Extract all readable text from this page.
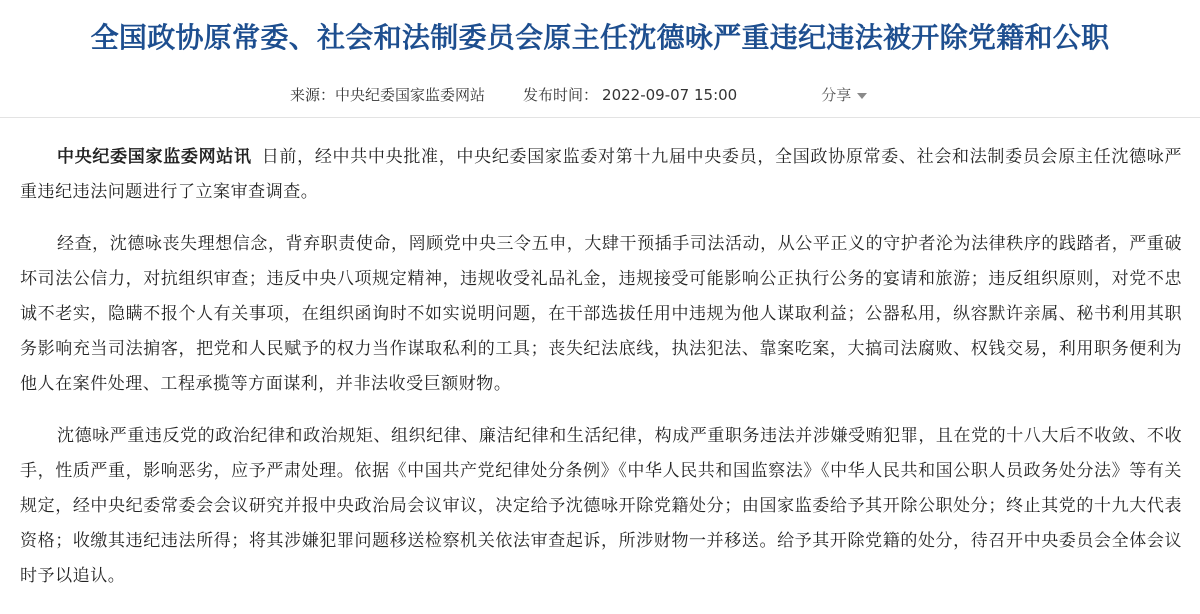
全国政协原常委、社会和法制委员会原主任沈德咏严重违纪违法被开除党籍和公职
来源：中央纪委国家监委网站	发布时间： 2022-09-07 15:00	分享

中央纪委国家监委网站讯 日前，经中共中央批准，中央纪委国家监委对第十九届中央委员，全国政协原常委、社会和法制委员会原主任沈德咏严重违纪违法问题进行了立案审查调查。

经查，沈德咏丧失理想信念，背弃职责使命，罔顾党中央三令五申，大肆干预插手司法活动，从公平正义的守护者沦为法律秩序的践踏者，严重破坏司法公信力，对抗组织审查；违反中央八项规定精神，违规收受礼品礼金，违规接受可能影响公正执行公务的宴请和旅游；违反组织原则，对党不忠诚不老实，隐瞒不报个人有关事项，在组织函询时不如实说明问题，在干部选拔任用中违规为他人谋取利益；公器私用，纵容默许亲属、秘书利用其职务影响充当司法掮客，把党和人民赋予的权力当作谋取私利的工具；丧失纪法底线，执法犯法、靠案吃案，大搞司法腐败、权钱交易，利用职务便利为他人在案件处理、工程承揽等方面谋利，并非法收受巨额财物。

沈德咏严重违反党的政治纪律和政治规矩、组织纪律、廉洁纪律和生活纪律，构成严重职务违法并涉嫌受贿犯罪，且在党的十八大后不收敛、不收手，性质严重，影响恶劣，应予严肃处理。依据《中国共产党纪律处分条例》《中华人民共和国监察法》《中华人民共和国公职人员政务处分法》等有关规定，经中央纪委常委会会议研究并报中央政治局会议审议，决定给予沈德咏开除党籍处分；由国家监委给予其开除公职处分；终止其党的十九大代表资格；收缴其违纪违法所得；将其涉嫌犯罪问题移送检察机关依法审查起诉，所涉财物一并移送。给予其开除党籍的处分，待召开中央委员会全体会议时予以追认。
